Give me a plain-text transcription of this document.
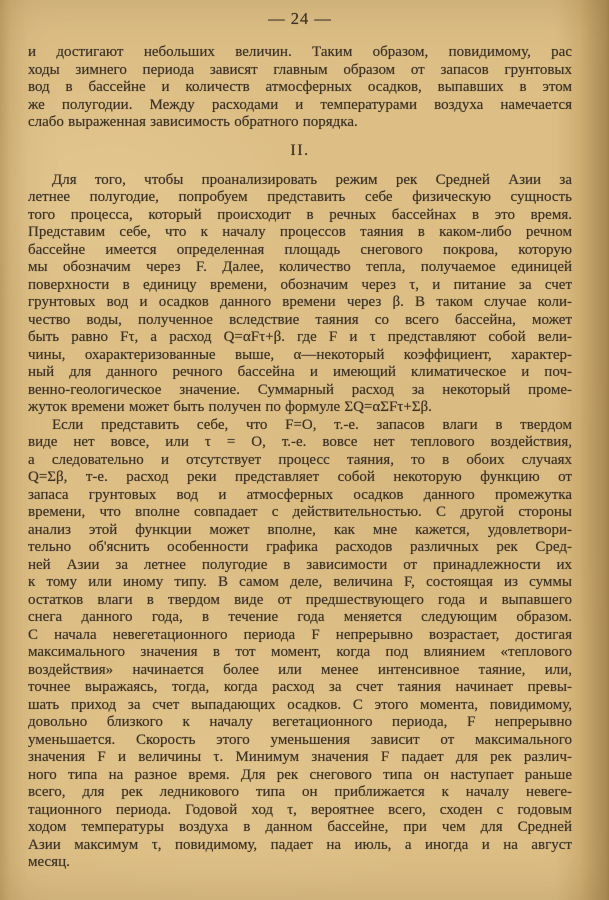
— 24 —
и достигают небольших величин. Таким образом, повидимому, рас
ходы зимнего периода зависят главным образом от запасов грунтовых
вод в бассейне и количеств атмосферных осадков, выпавших в этом
же полугодии. Между расходами и температурами воздуха намечается
слабо выраженная зависимость обратного порядка.
II.
Для того, чтобы проанализировать режим рек Средней Азии за
летнее полугодие, попробуем представить себе физическую сущность
того процесса, который происходит в речных бассейнах в это время.
Представим себе, что к началу процессов таяния в каком-либо речном
бассейне имеется определенная площадь снегового покрова, которую
мы обозначим через F. Далее, количество тепла, получаемое единицей
поверхности в единицу времени, обозначим через τ, и питание за счет
грунтовых вод и осадков данного времени через β. В таком случае коли-
чество воды, полученное вследствие таяния со всего бассейна, может
быть равно Fτ, а расход Q=αFτ+β. где F и τ представляют собой вели-
чины, охарактеризованные выше, α—некоторый коэффициент, характер-
ный для данного речного бассейна и имеющий климатическое и поч-
венно-геологическое значение. Суммарный расход за некоторый проме-
жуток времени может быть получен по формуле ΣQ=αΣFτ+Σβ.
Если представить себе, что F=O, т.-е. запасов влаги в твердом
виде нет вовсе, или τ = O, т.-е. вовсе нет теплового воздействия,
а следовательно и отсутствует процесс таяния, то в обоих случаях
Q=Σβ, т-е. расход реки представляет собой некоторую функцию от
запаса грунтовых вод и атмосферных осадков данного промежутка
времени, что вполне совпадает с действительностью. С другой стороны
анализ этой функции может вполне, как мне кажется, удовлетвори-
тельно об'яснить особенности графика расходов различных рек Сред-
ней Азии за летнее полугодие в зависимости от принадлежности их
к тому или иному типу. В самом деле, величина F, состоящая из суммы
остатков влаги в твердом виде от предшествующего года и выпавшего
снега данного года, в течение года меняется следующим образом.
С начала невегетационного периода F непрерывно возрастает, достигая
максимального значения в тот момент, когда под влиянием «теплового
воздействия» начинается более или менее интенсивное таяние, или,
точнее выражаясь, тогда, когда расход за счет таяния начинает превы-
шать приход за счет выпадающих осадков. С этого момента, повидимому,
довольно близкого к началу вегетационного периода, F непрерывно
уменьшается. Скорость этого уменьшения зависит от максимального
значения F и величины τ. Минимум значения F падает для рек различ-
ного типа на разное время. Для рек снегового типа он наступает раньше
всего, для рек ледникового типа он приближается к началу невеге-
тационного периода. Годовой ход τ, вероятнее всего, сходен с годовым
ходом температуры воздуха в данном бассейне, при чем для Средней
Азии максимум τ, повидимому, падает на июль, а иногда и на август
месяц.
